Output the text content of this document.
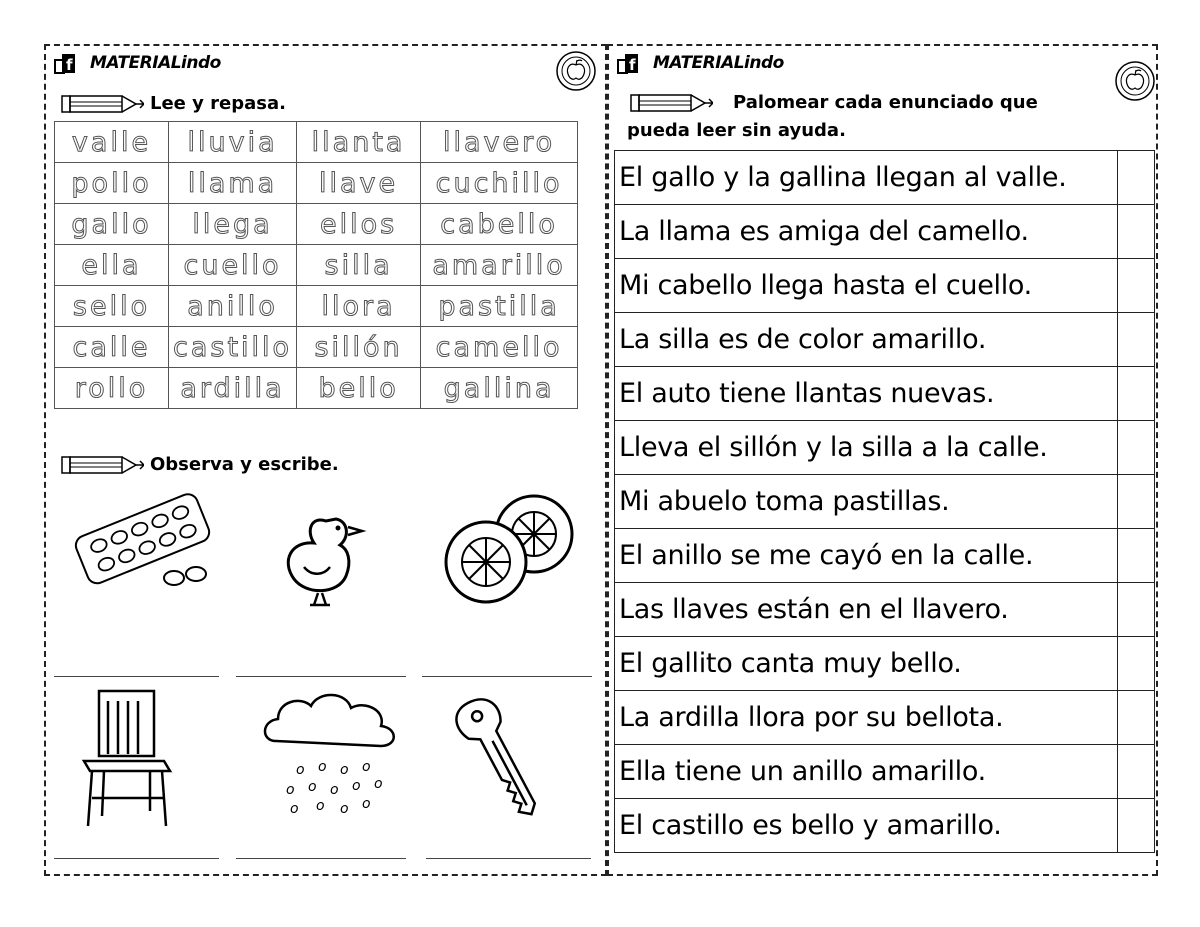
f MATERIALindo
Lee y repasa.
valle	lluvia	llanta	llavero
pollo	llama	llave	cuchillo
gallo	llega	ellos	cabello
ella	cuello	silla	amarillo
sello	anillo	llora	pastilla
calle	castillo	sillón	camello
rollo	ardilla	bello	gallina
Observa y escribe.
o o o o
o o o o o
o o o o
f MATERIALindo
Palomear cada enunciado que
pueda leer sin ayuda.
El gallo y la gallina llegan al valle.	
La llama es amiga del camello.	
Mi cabello llega hasta el cuello.	
La silla es de color amarillo.	
El auto tiene llantas nuevas.	
Lleva el sillón y la silla a la calle.	
Mi abuelo toma pastillas.	
El anillo se me cayó en la calle.	
Las llaves están en el llavero.	
El gallito canta muy bello.	
La ardilla llora por su bellota.	
Ella tiene un anillo amarillo.	
El castillo es bello y amarillo.	
